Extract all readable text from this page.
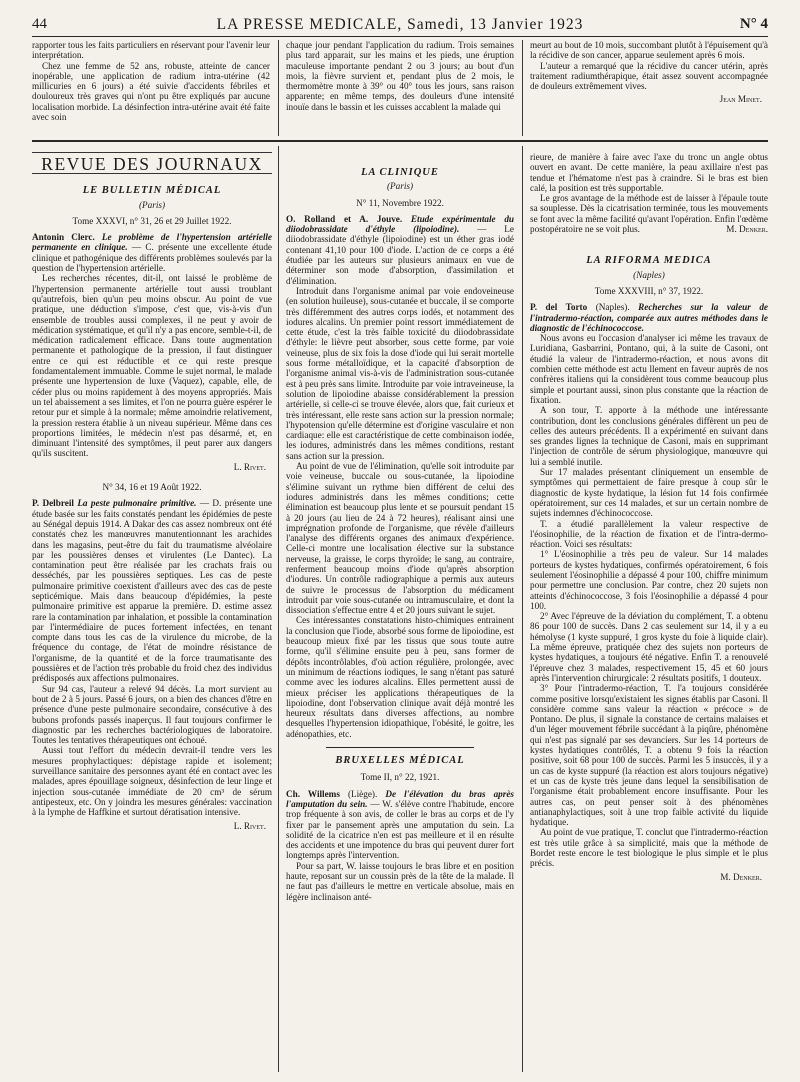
44	LA PRESSE MEDICALE, Samedi, 13 Janvier 1923	N° 4

rapporter tous les faits particuliers en réservant pour l'avenir leur interprétation.

Chez une femme de 52 ans, robuste, atteinte de cancer inopérable, une application de radium intra-utérine (42 millicuries en 6 jours) a été suivie d'accidents fébriles et douloureux très graves qui n'ont pu être expliqués par aucune localisation morbide. La désinfection intra-utérine avait été faite avec soin

chaque jour pendant l'application du radium. Trois semaines plus tard apparait, sur les mains et les pieds, une éruption maculeuse importante pendant 2 ou 3 jours; au bout d'un mois, la fièvre survient et, pendant plus de 2 mois, le thermomètre monte à 39° ou 40° tous les jours, sans raison apparente; en même temps, des douleurs d'une intensité inouïe dans le bassin et les cuisses accablent la malade qui

meurt au bout de 10 mois, succombant plutôt à l'épuisement qu'à la récidive de son cancer, apparue seulement après 6 mois.

L'auteur a remarqué que la récidive du cancer utérin, après traitement radiumthérapique, était assez souvent accompagnée de douleurs extrêmement vives.

Jean Minet.
REVUE DES JOURNAUX
LE BULLETIN MÉDICAL
(Paris)
Tome XXXVI, n° 31, 26 et 29 Juillet 1922.

Antonin Clerc. Le problème de l'hypertension artérielle permanente en clinique. — C. présente une excellente étude clinique et pathogénique des différents problèmes soulevés par la question de l'hypertension artérielle.

Les recherches récentes, dit-il, ont laissé le problème de l'hypertension permanente artérielle tout aussi troublant qu'autrefois, bien qu'un peu moins obscur. Au point de vue pratique, une déduction s'impose, c'est que, vis-à-vis d'un ensemble de troubles aussi complexes, il ne peut y avoir de médication systématique, et qu'il n'y a pas encore, semble-t-il, de médication radicalement efficace. Dans toute augmentation permanente et pathologique de la pression, il faut distinguer entre ce qui est réductible et ce qui reste presque fondamentalement immuable. Comme le sujet normal, le malade présente une hypertension de luxe (Vaquez), capable, elle, de céder plus ou moins rapidement à des moyens appropriés. Mais un tel abaissement a ses limites, et l'on ne pourra guère espérer le retour pur et simple à la normale; même amoindrie relativement, la pression restera établie à un niveau supérieur. Même dans ces proportions limitées, le médecin n'est pas désarmé, et, en diminuant l'intensité des symptômes, il peut parer aux dangers qu'ils suscitent.

L. Rivet.
N° 34, 16 et 19 Août 1922.

P. Delbreil La peste pulmonaire primitive. — D. présente une étude basée sur les faits constatés pendant les épidémies de peste au Sénégal depuis 1914. A Dakar des cas assez nombreux ont été constatés chez les manœuvres manutentionnant les arachides dans les magasins, peut-être du fait du traumatisme alvéolaire par les poussières denses et virulentes (Le Dantec). La contamination peut être réalisée par les crachats frais ou desséchés, par les poussières septiques. Les cas de peste pulmonaire primitive coexistent d'ailleurs avec des cas de peste septicémique. Mais dans beaucoup d'épidémies, la peste pulmonaire primitive est apparue la première. D. estime assez rare la contamination par inhalation, et possible la contamination par l'intermédiaire de puces fortement infectées, en tenant compte dans tous les cas de la virulence du microbe, de la fréquence du contage, de l'état de moindre résistance de l'organisme, de la quantité et de la force traumatisante des poussières et de l'action très probable du froid chez des individus prédisposés aux affections pulmonaires.

Sur 94 cas, l'auteur a relevé 94 décès. La mort survient au bout de 2 à 5 jours. Passé 6 jours, on a bien des chances d'être en présence d'une peste pulmonaire secondaire, consécutive à des bubons profonds passés inaperçus. Il faut toujours confirmer le diagnostic par les recherches bactériologiques de laboratoire. Toutes les tentatives thérapeutiques ont échoué.

Aussi tout l'effort du médecin devrait-il tendre vers les mesures prophylactiques: dépistage rapide et isolement; surveillance sanitaire des personnes ayant été en contact avec les malades, apres épouillage soigneux, désinfection de leur linge et injection sous-cutanée immédiate de 20 cm³ de sérum antipesteux, etc. On y joindra les mesures générales: vaccination à la lymphe de Haffkine et surtout dératisation intensive.

L. Rivet.
LA CLINIQUE
(Paris)
N° 11, Novembre 1922.

O. Rolland et A. Jouve. Etude expérimentale du diiodobrassidate d'éthyle (lipoiodine). — Le diiodobrassidate d'éthyle (lipoiodine) est un éther gras iodé contenant 41,10 pour 100 d'iode. L'action de ce corps a été étudiée par les auteurs sur plusieurs animaux en vue de déterminer son mode d'absorption, d'assimilation et d'élimination.

Introduit dans l'organisme animal par voie endoveineuse (en solution huileuse), sous-cutanée et buccale, il se comporte très différemment des autres corps iodés, et notamment des iodures alcalins. Un premier point ressort immédiatement de cette étude, c'est la très faible toxicité du diiodobrassidate d'éthyle: le lièvre peut absorber, sous cette forme, par voie veineuse, plus de six fois la dose d'iode qui lui serait mortelle sous forme métalloïdique, et la capacité d'absorption de l'organisme animal vis-à-vis de l'administration sous-cutanée est à peu près sans limite. Introduite par voie intraveineuse, la solution de lipoiodine abaisse considérablement la pression artérielle, si celle-ci se trouve élevée, alors que, fait curieux et très intéressant, elle reste sans action sur la pression normale; l'hypotension qu'elle détermine est d'origine vasculaire et non cardiaque: elle est caractéristique de cette combinaison iodée, les iodures, administrés dans les mêmes conditions, restant sans action sur la pression.

Au point de vue de l'élimination, qu'elle soit introduite par voie veineuse, buccale ou sous-cutanée, la lipoiodine s'élimine suivant un rythme bien différent de celui des iodures administrés dans les mêmes conditions; cette élimination est beaucoup plus lente et se poursuit pendant 15 à 20 jours (au lieu de 24 à 72 heures), réalisant ainsi une imprégnation profonde de l'organisme, que révèle d'ailleurs l'analyse des différents organes des animaux d'expérience. Celle-ci montre une localisation élective sur la substance nerveuse, la graisse, le corps thyroïde; le sang, au contraire, renferment beaucoup moins d'iode qu'après absorption d'iodures. Un contrôle radiographique a permis aux auteurs de suivre le processus de l'absorption du médicament introduit par voie sous-cutanée ou intramusculaire, et dont la dissociation s'effectue entre 4 et 20 jours suivant le sujet.

Ces intéressantes constatations histo-chimiques entrainent la conclusion que l'iode, absorbé sous forme de lipoiodine, est beaucoup mieux fixé par les tissus que sous toute autre forme, qu'il s'élimine ensuite peu à peu, sans former de dépôts incontrôlables, d'où action régulière, prolongée, avec un minimum de réactions iodiques, le sang n'étant pas saturé comme avec les iodures alcalins. Elles permettent aussi de mieux préciser les applications thérapeutiques de la lipoiodine, dont l'observation clinique avait déjà montré les heureux résultats dans diverses affections, au nombre desquelles l'hypertension idiopathique, l'obésité, le goitre, les adénopathies, etc.

BRUXELLES MÉDICAL
Tome II, n° 22, 1921.

Ch. Willems (Liège). De l'élévation du bras après l'amputation du sein. — W. s'élève contre l'habitude, encore trop fréquente à son avis, de coller le bras au corps et de l'y fixer par le pansement après une amputation du sein. La solidité de la cicatrice n'en est pas meilleure et il en résulte des accidents et une impotence du bras qui peuvent durer fort longtemps après l'intervention.

Pour sa part, W. laisse toujours le bras libre et en position haute, reposant sur un coussin près de la tête de la malade. Il ne faut pas d'ailleurs le mettre en verticale absolue, mais en légère inclinaison anté-

rieure, de manière à faire avec l'axe du tronc un angle obtus ouvert en avant. De cette manière, la peau axillaire n'est pas tendue et l'hématome n'est pas à craindre. Si le bras est bien calé, la position est très supportable.

Le gros avantage de la méthode est de laisser à l'épaule toute sa souplesse. Dès la cicatrisation terminée, tous les mouvements se font avec la même facilité qu'avant l'opération. Enfin l'œdème postopératoire ne se voit plus.	M. Denker.

LA RIFORMA MEDICA
(Naples)
Tome XXXVIII, n° 37, 1922.

P. del Torto (Naples). Recherches sur la valeur de l'intradermo-réaction, comparée aux autres méthodes dans le diagnostic de l'échinococcose.

Nous avons eu l'occasion d'analyser ici même les travaux de Luridiana, Gasbarrini, Pontano, qui, à la suite de Casoni, ont étudié la valeur de l'intradermo-réaction, et nous avons dit combien cette méthode est actu llement en faveur auprès de nos confrères italiens qui la considèrent tous comme beaucoup plus simple et pourtant aussi, sinon plus constante que la réaction de fixation.

A son tour, T. apporte à la méthode une intéressante contribution, dont les conclusions générales diffèrent un peu de celles des auteurs précédents. Il a expérimenté en suivant dans ses grandes lignes la technique de Casoni, mais en supprimant l'injection de contrôle de sérum physiologique, manœuvre qui lui a semblé inutile.

Sur 17 malades présentant cliniquement un ensemble de symptômes qui permettaient de faire presque à coup sûr le diagnostic de kyste hydatique, la lésion fut 14 fois confirmée opératoirement, sur ces 14 malades, et sur un certain nombre de sujets indemnes d'échinococcose.

T. a étudié parallèlement la valeur respective de l'éosinophilie, de la réaction de fixation et de l'intra-dermo-réaction. Voici ses résultats:

1° L'éosinophilie a très peu de valeur. Sur 14 malades porteurs de kystes hydatiques, confirmés opératoirement, 6 fois seulement l'éosinophilie a dépassé 4 pour 100, chiffre minimum pour permettre une conclusion. Par contre, chez 20 sujets non atteints d'échinococcose, 3 fois l'éosinophilie a dépassé 4 pour 100.

2° Avec l'épreuve de la déviation du complément, T. a obtenu 86 pour 100 de succès. Dans 2 cas seulement sur 14, il y a eu hémolyse (1 kyste suppuré, 1 gros kyste du foie à liquide clair). La même épreuve, pratiquée chez des sujets non porteurs de kystes hydatiques, a toujours été négative. Enfin T. a renouvelé l'épreuve chez 3 malades, respectivement 15, 45 et 60 jours après l'intervention chirurgicale: 2 résultats positifs, 1 douteux.

3° Pour l'intradermo-réaction, T. l'a toujours considérée comme positive lorsqu'existaient les signes établis par Casoni. Il considère comme sans valeur la réaction « précoce » de Pontano. De plus, il signale la constance de certains malaises et d'un léger mouvement fébrile succédant à la piqûre, phénomène qui n'est pas signalé par ses devanciers. Sur les 14 porteurs de kystes hydatiques contrôlés, T. a obtenu 9 fois la réaction positive, soit 68 pour 100 de succès. Parmi les 5 insuccès, il y a un cas de kyste suppuré (la réaction est alors toujours négative) et un cas de kyste très jeune dans lequel la sensibilisation de l'organisme était probablement encore insuffisante. Pour les autres cas, on peut penser soit à des phénomènes antianaphylactiques, soit à une trop faible activité du liquide hydatique.

Au point de vue pratique, T. conclut que l'intradermo-réaction est très utile grâce à sa simplicité, mais que la méthode de Bordet reste encore le test biologique le plus simple et le plus précis.

M. Denker.
